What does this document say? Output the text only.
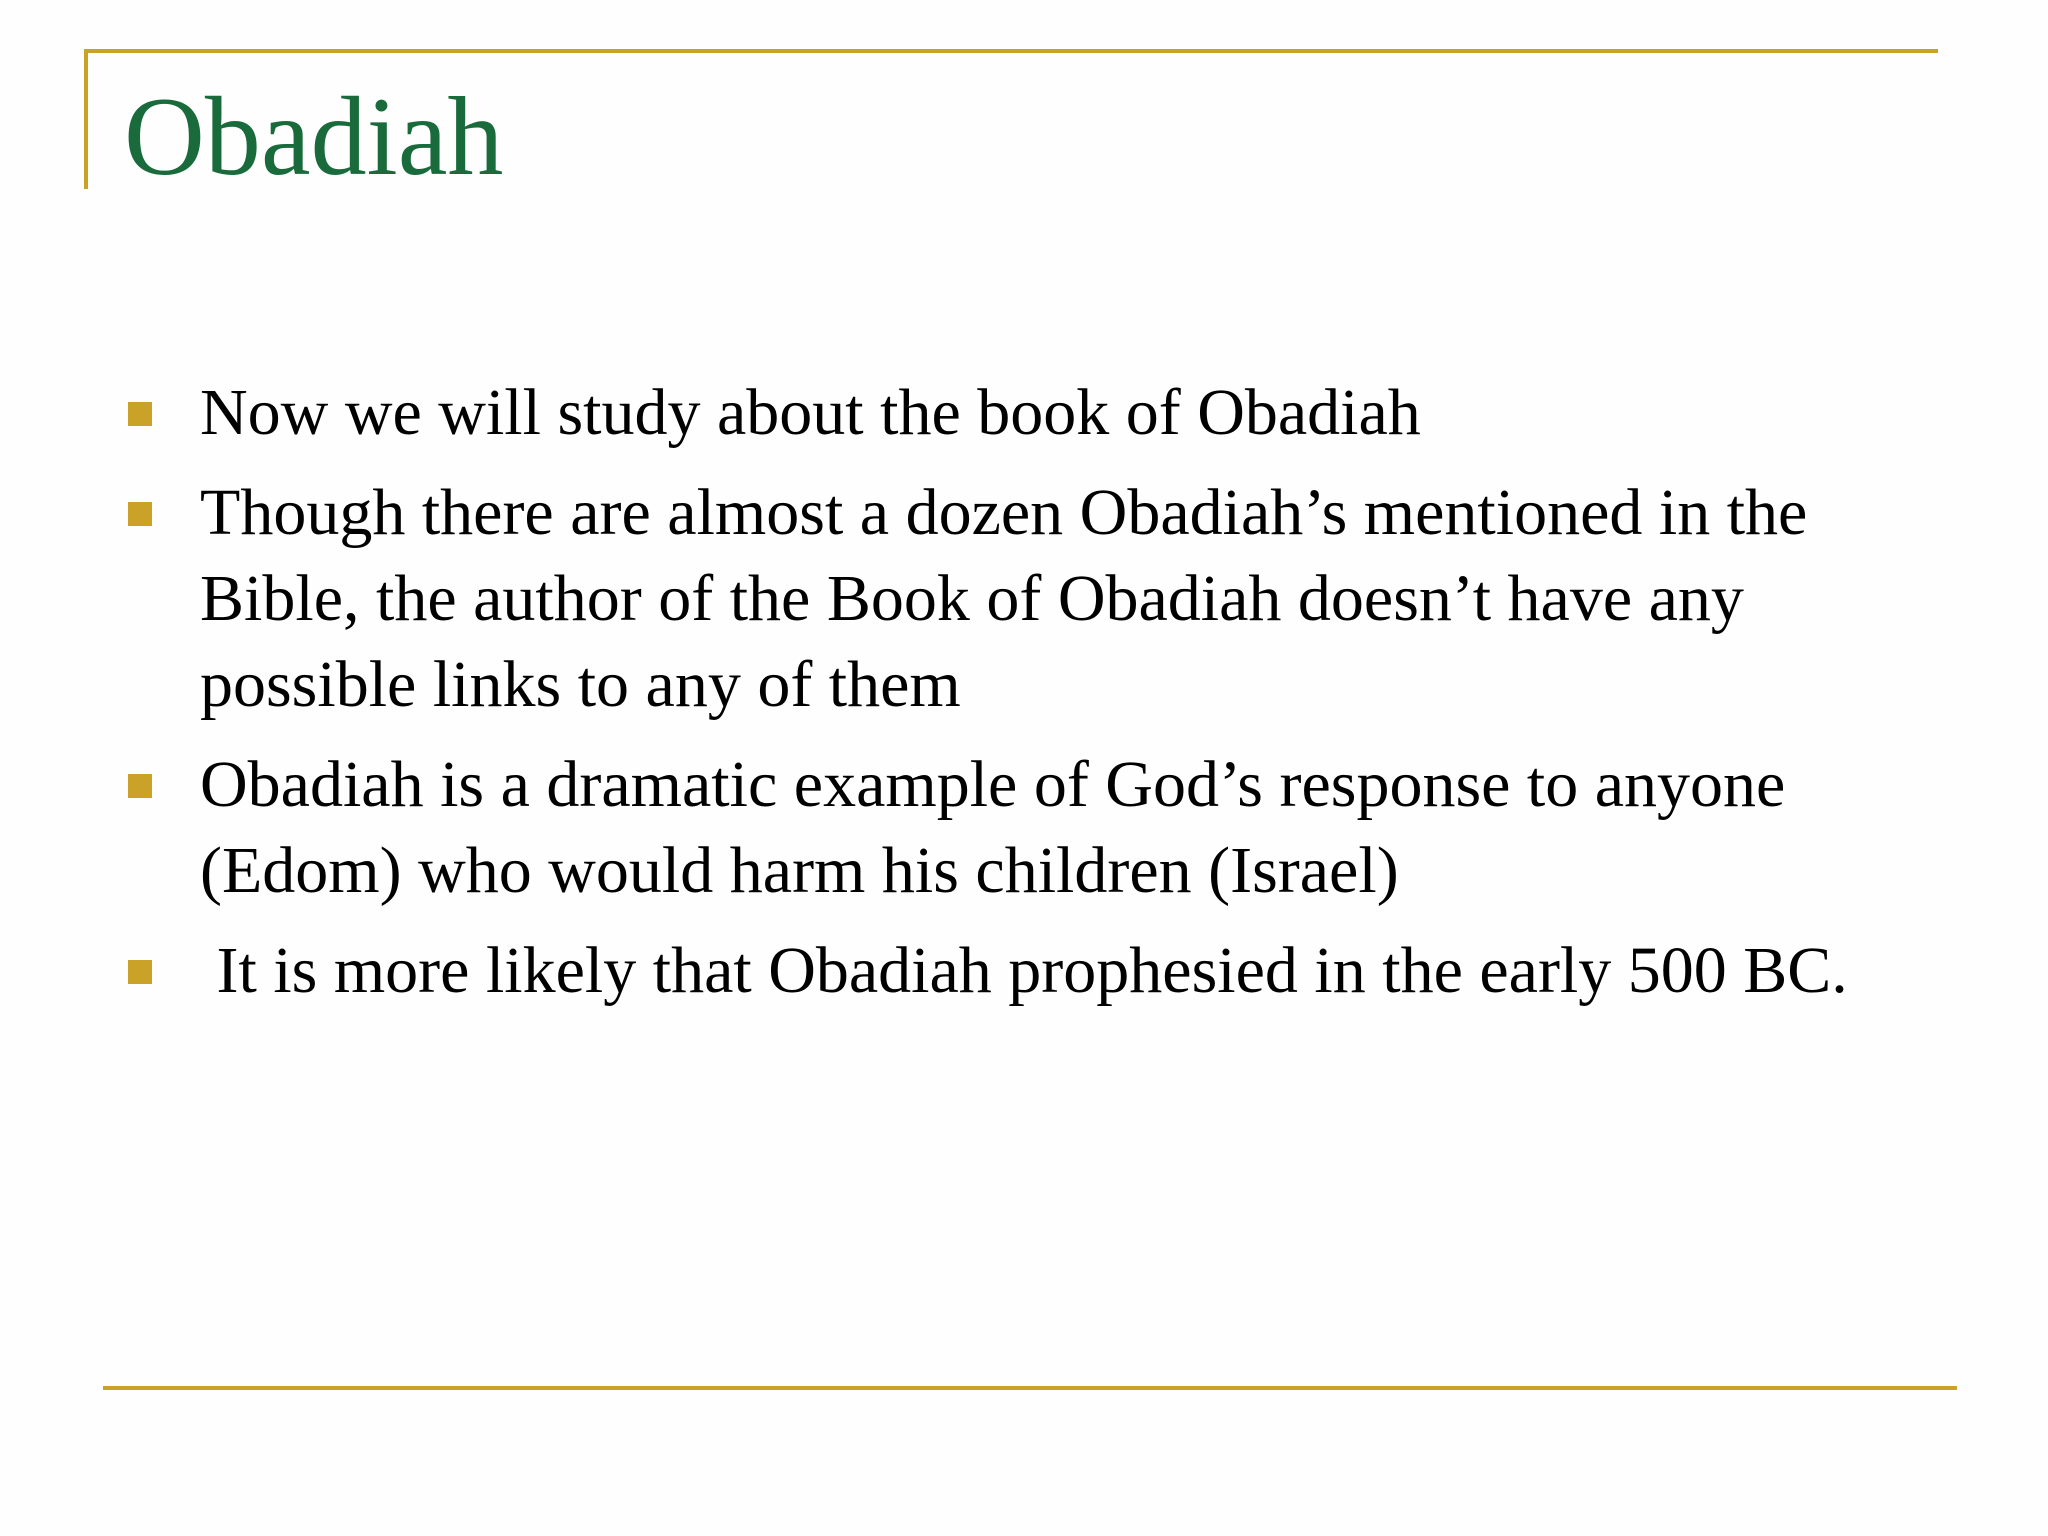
Obadiah
Now we will study about the book of Obadiah
Though there are almost a dozen Obadiah’s mentioned in the Bible, the author of the Book of Obadiah doesn’t have any possible links to any of them
Obadiah is a dramatic example of God’s response to anyone (Edom) who would harm his children (Israel)
It is more likely that Obadiah prophesied in the early 500 BC.
